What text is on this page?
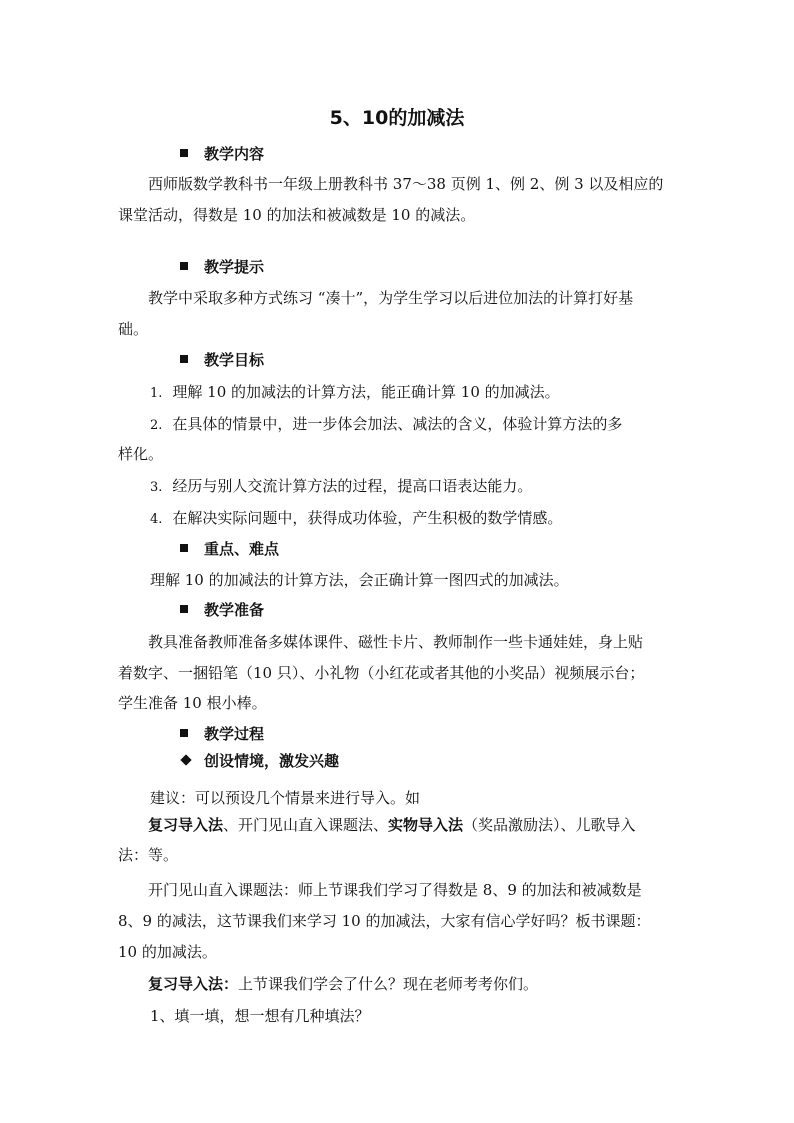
5、10的加减法
教学内容
西师版数学教科书一年级上册教科书 37～38 页例 1、例 2、例 3 以及相应的
课堂活动，得数是 10 的加法和被减数是 10 的减法。
教学提示
教学中采取多种方式练习 “凑十”，为学生学习以后进位加法的计算打好基
础。
教学目标
1. 理解 10 的加减法的计算方法，能正确计算 10 的加减法。
2. 在具体的情景中，进一步体会加法、减法的含义，体验计算方法的多
样化。
3. 经历与别人交流计算方法的过程，提高口语表达能力。
4. 在解决实际问题中，获得成功体验，产生积极的数学情感。
重点、难点
理解 10 的加减法的计算方法，会正确计算一图四式的加减法。
教学准备
教具准备教师准备多媒体课件、磁性卡片、教师制作一些卡通娃娃，身上贴
着数字、一捆铅笔（10 只）、小礼物（小红花或者其他的小奖品）视频展示台；
学生准备 10 根小棒。
教学过程
创设情境，激发兴趣
建议：可以预设几个情景来进行导入。如
复习导入法、开门见山直入课题法、实物导入法（奖品激励法）、儿歌导入
法：等。
开门见山直入课题法：师上节课我们学习了得数是 8、9 的加法和被减数是
8、9 的减法，这节课我们来学习 10 的加减法，大家有信心学好吗？板书课题：
10 的加减法。
复习导入法：上节课我们学会了什么？现在老师考考你们。
1、填一填，想一想有几种填法？
